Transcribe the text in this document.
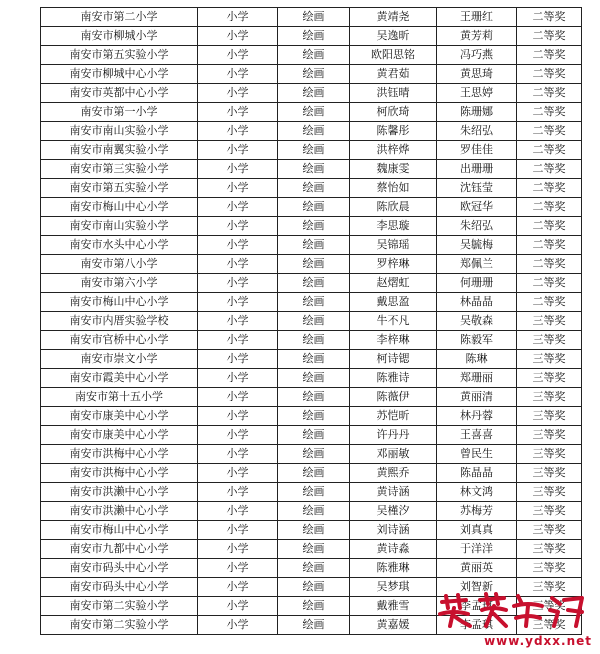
南安市第二小学	小学	绘画	黄靖尧	王珊红	二等奖
南安市柳城小学	小学	绘画	吴逸昕	黄芳莉	二等奖
南安市第五实验小学	小学	绘画	欧阳思铭	冯巧燕	二等奖
南安市柳城中心小学	小学	绘画	黄君茹	黄思琦	二等奖
南安市英都中心小学	小学	绘画	洪钰晴	王思婷	二等奖
南安市第一小学	小学	绘画	柯欣琦	陈珊娜	二等奖
南安市南山实验小学	小学	绘画	陈馨彤	朱绍弘	二等奖
南安市南翼实验小学	小学	绘画	洪梓烨	罗佳佳	二等奖
南安市第三实验小学	小学	绘画	魏康雯	出珊珊	二等奖
南安市第五实验小学	小学	绘画	蔡怡如	沈钰莹	二等奖
南安市梅山中心小学	小学	绘画	陈欣晨	欧冠华	二等奖
南安市南山实验小学	小学	绘画	李思璇	朱绍弘	二等奖
南安市水头中心小学	小学	绘画	吴锦瑶	吴毓梅	二等奖
南安市第八小学	小学	绘画	罗梓琳	郑佩兰	二等奖
南安市第六小学	小学	绘画	赵熠虹	何珊珊	二等奖
南安市梅山中心小学	小学	绘画	戴思盈	林晶晶	二等奖
南安市内厝实验学校	小学	绘画	牛不凡	吴敬森	三等奖
南安市官桥中心小学	小学	绘画	李梓琳	陈毅军	三等奖
南安市崇文小学	小学	绘画	柯诗锶	陈琳	三等奖
南安市霞美中心小学	小学	绘画	陈雅诗	郑珊丽	三等奖
南安市第十五小学	小学	绘画	陈薇伊	黄丽清	三等奖
南安市康美中心小学	小学	绘画	苏恺昕	林丹蓉	三等奖
南安市康美中心小学	小学	绘画	许丹丹	王喜喜	三等奖
南安市洪梅中心小学	小学	绘画	邓丽敏	曾民生	三等奖
南安市洪梅中心小学	小学	绘画	黄熙乔	陈晶晶	三等奖
南安市洪濑中心小学	小学	绘画	黄诗涵	林文鸿	三等奖
南安市洪濑中心小学	小学	绘画	吴槿汐	苏梅芳	三等奖
南安市梅山中心小学	小学	绘画	刘诗涵	刘真真	三等奖
南安市九都中心小学	小学	绘画	黄诗淼	于洋洋	三等奖
南安市码头中心小学	小学	绘画	陈雅琳	黄丽英	三等奖
南安市码头中心小学	小学	绘画	吴梦琪	刘智新	三等奖
南安市第二实验小学	小学	绘画	戴雅雪	李孟琪	三等奖
南安市第二实验小学	小学	绘画	黄嘉媛	李孟琪	三等奖
www.ydxx.net
